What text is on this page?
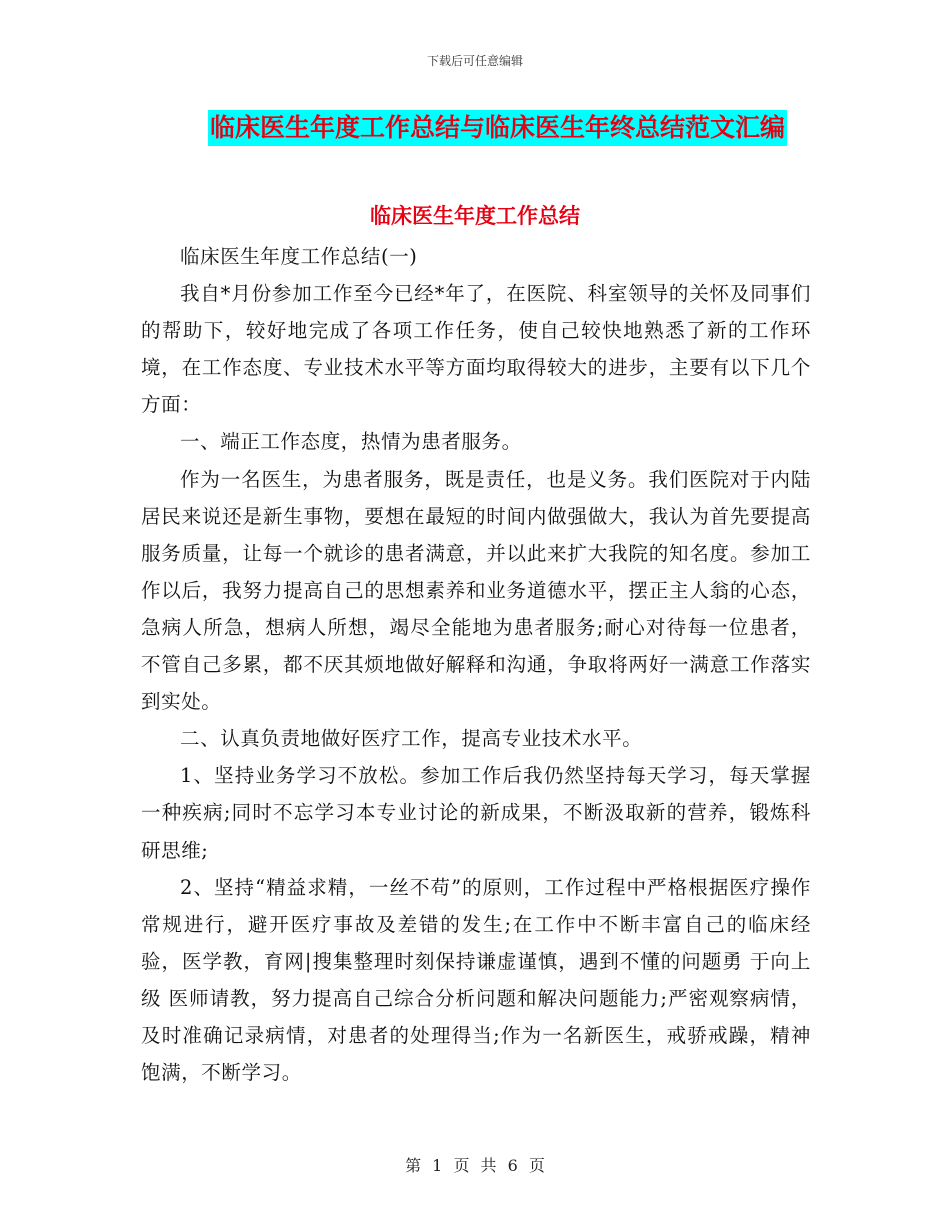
下载后可任意编辑
临床医生年度工作总结与临床医生年终总结范文汇编
临床医生年度工作总结

临床医生年度工作总结(一)

我自*月份参加工作至今已经*年了，在医院、科室领导的关怀及同事们的帮助下，较好地完成了各项工作任务，使自己较快地熟悉了新的工作环境，在工作态度、专业技术水平等方面均取得较大的进步，主要有以下几个方面：

一、端正工作态度，热情为患者服务。

作为一名医生，为患者服务，既是责任，也是义务。我们医院对于内陆居民来说还是新生事物，要想在最短的时间内做强做大，我认为首先要提高服务质量，让每一个就诊的患者满意，并以此来扩大我院的知名度。参加工作以后，我努力提高自己的思想素养和业务道德水平，摆正主人翁的心态，急病人所急，想病人所想，竭尽全能地为患者服务;耐心对待每一位患者，不管自己多累，都不厌其烦地做好解释和沟通，争取将两好一满意工作落实到实处。

二、认真负责地做好医疗工作，提高专业技术水平。

1、坚持业务学习不放松。参加工作后我仍然坚持每天学习，每天掌握一种疾病;同时不忘学习本专业讨论的新成果，不断汲取新的营养，锻炼科研思维;

2、坚持“精益求精，一丝不苟”的原则，工作过程中严格根据医疗操作常规进行，避开医疗事故及差错的发生;在工作中不断丰富自己的临床经验，医学教，育网|搜集整理时刻保持谦虚谨慎，遇到不懂的问题勇 于向上级 医师请教，努力提高自己综合分析问题和解决问题能力;严密观察病情，及时准确记录病情，对患者的处理得当;作为一名新医生，戒骄戒躁，精神饱满，不断学习。

第 1 页 共 6 页
